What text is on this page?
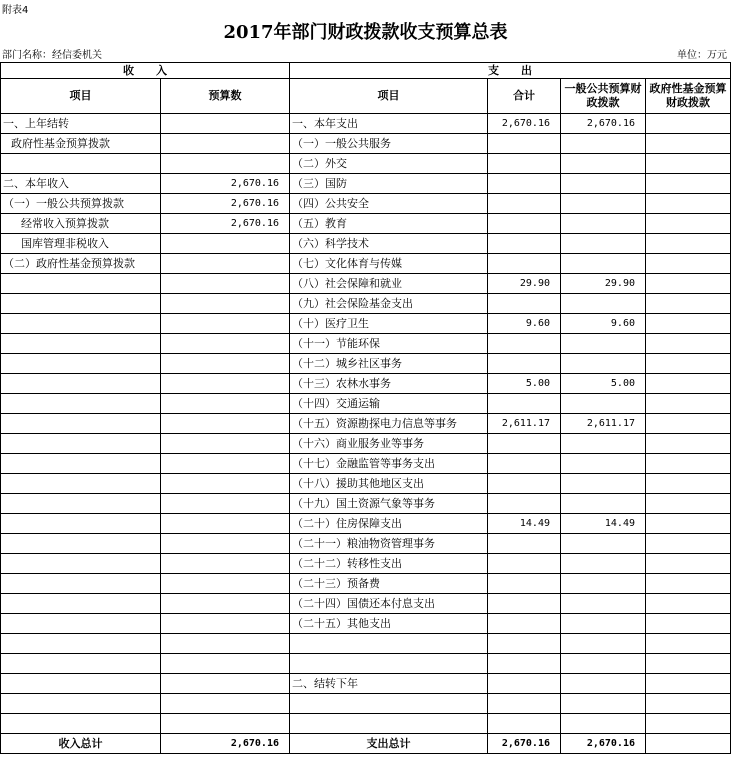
附表4
2017年部门财政拨款收支预算总表
部门名称：经信委机关	单位：万元
收　　入		支　　出			
项目	预算数	项目	合计	一般公共预算财政拨款	政府性基金预算财政拨款
一、上年结转		一、本年支出	2,670.16	2,670.16	
政府性基金预算拨款		（一）一般公共服务			
		（二）外交			
二、本年收入	2,670.16	（三）国防			
（一）一般公共预算拨款	2,670.16	（四）公共安全			
经常收入预算拨款	2,670.16	（五）教育			
国库管理非税收入		（六）科学技术			
（二）政府性基金预算拨款		（七）文化体育与传媒			
		（八）社会保障和就业	29.90	29.90	
		（九）社会保险基金支出			
		（十）医疗卫生	9.60	9.60	
		（十一）节能环保			
		（十二）城乡社区事务			
		（十三）农林水事务	5.00	5.00	
		（十四）交通运输			
		（十五）资源勘探电力信息等事务	2,611.17	2,611.17	
		（十六）商业服务业等事务			
		（十七）金融监管等事务支出			
		（十八）援助其他地区支出			
		（十九）国土资源气象等事务			
		（二十）住房保障支出	14.49	14.49	
		（二十一）粮油物资管理事务			
		（二十二）转移性支出			
		（二十三）预备费			
		（二十四）国债还本付息支出			
		（二十五）其他支出			

		二、结转下年			

收入总计	2,670.16	支出总计	2,670.16	2,670.16	
